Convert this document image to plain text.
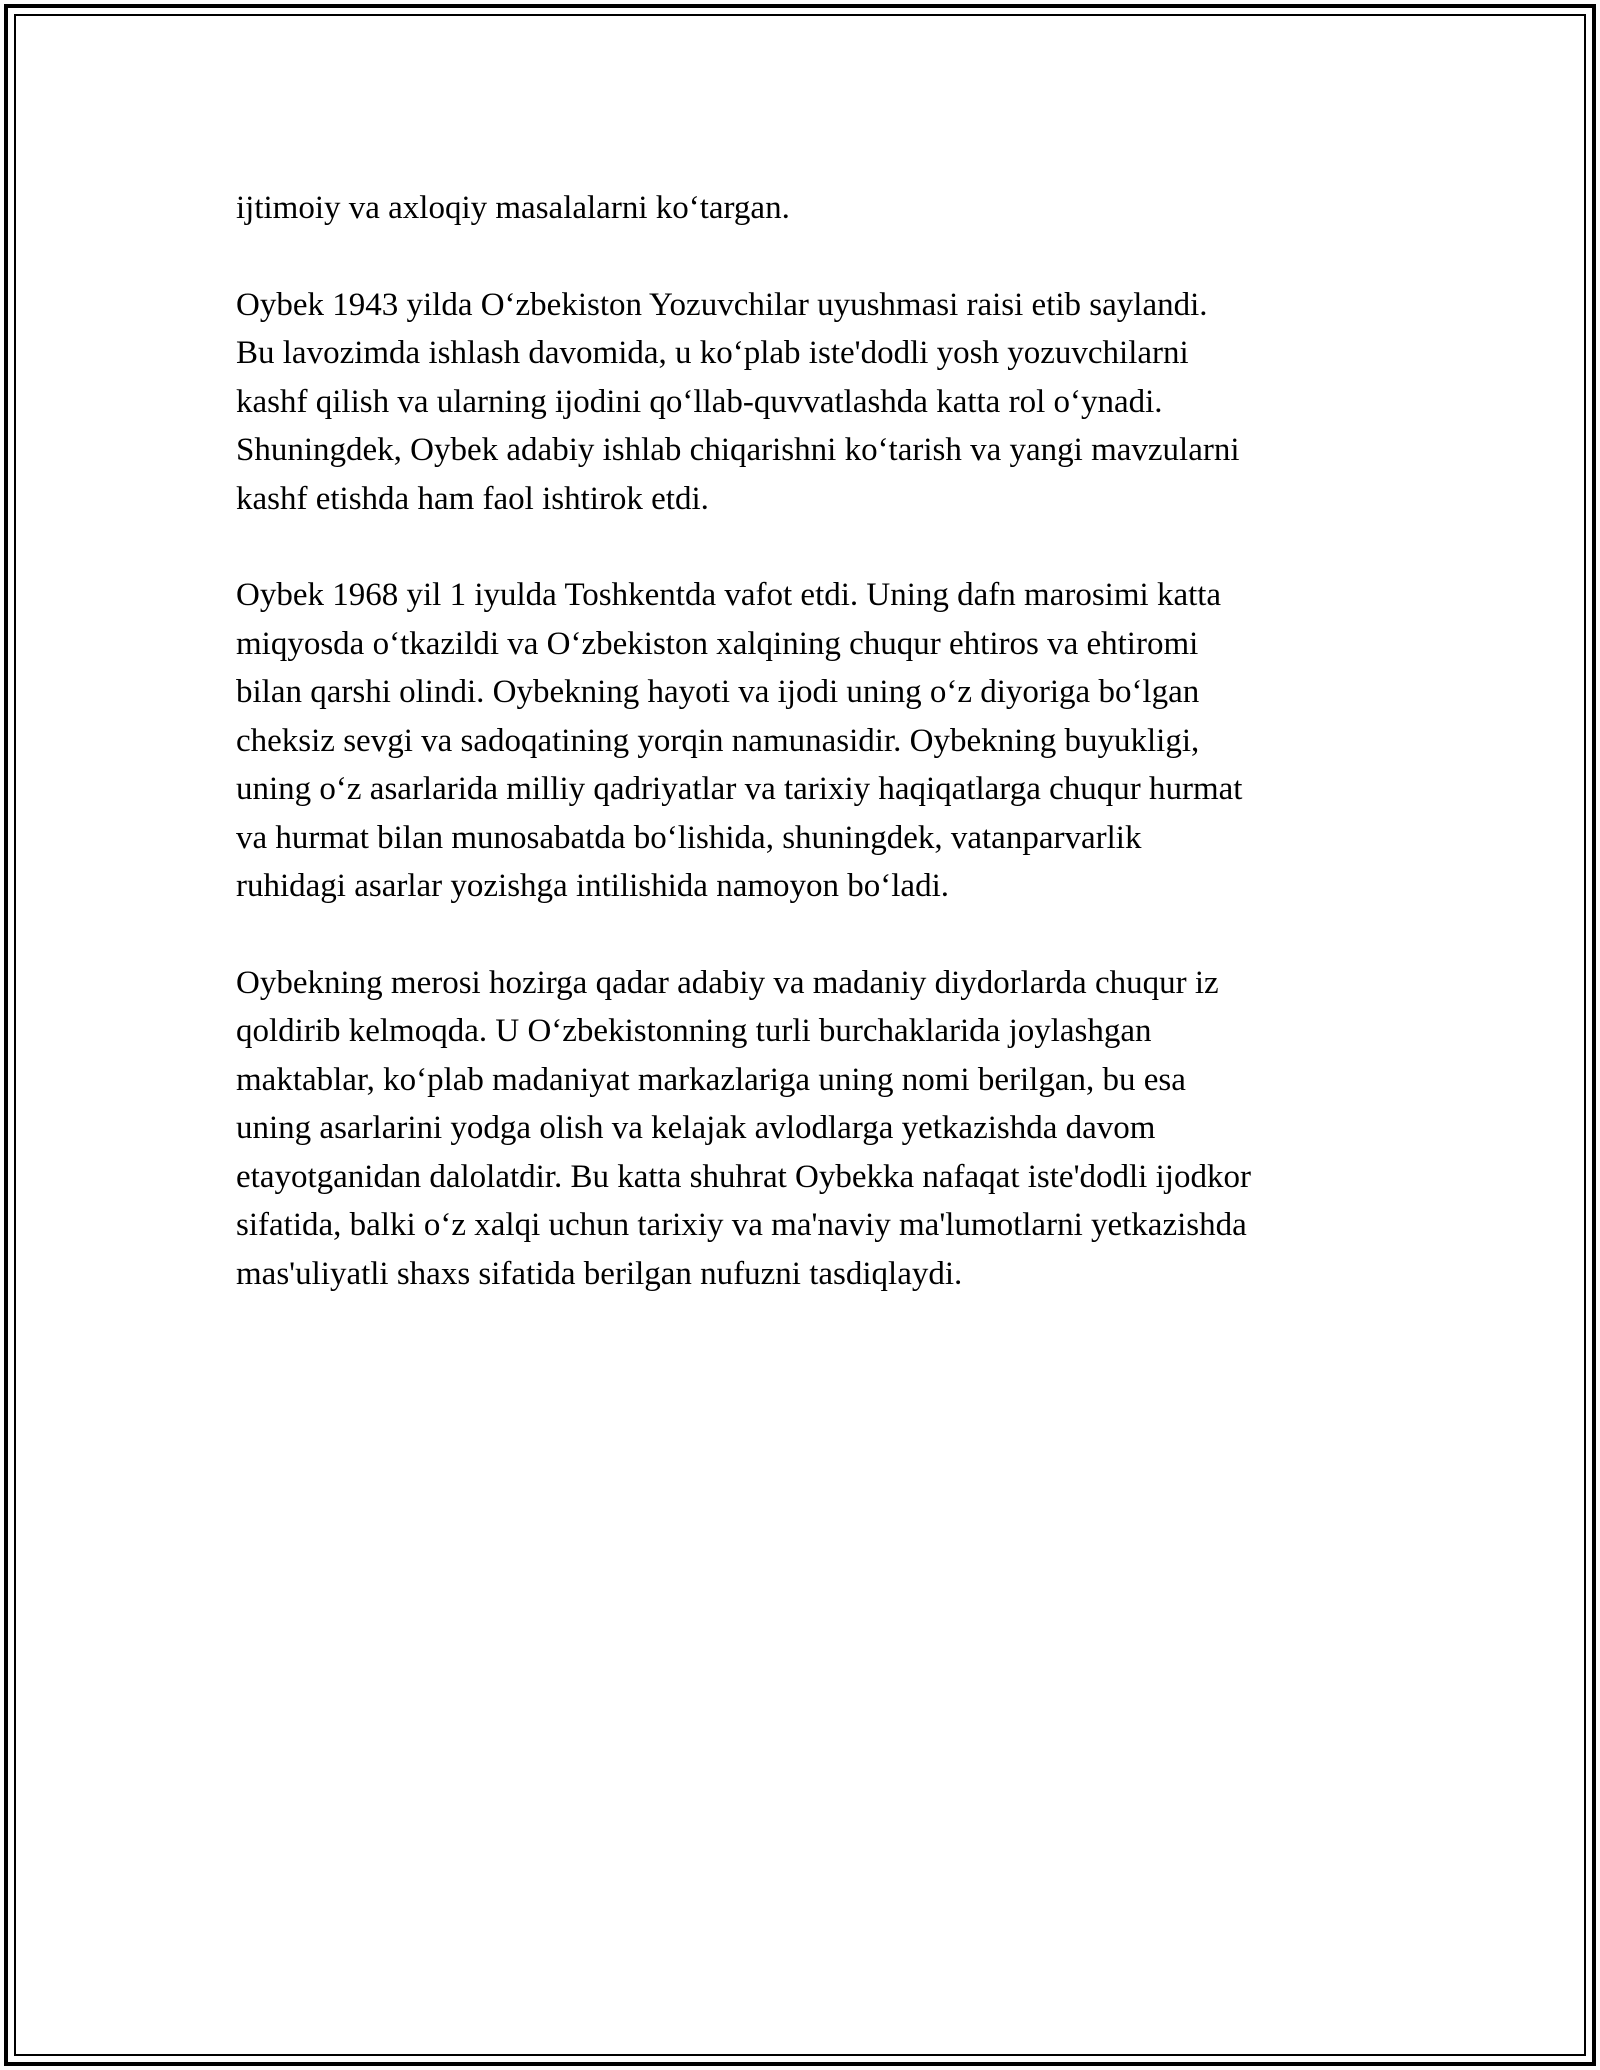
ijtimoiy va axloqiy masalalarni ko‘targan.

Oybek 1943 yilda O‘zbekiston Yozuvchilar uyushmasi raisi etib saylandi.
Bu lavozimda ishlash davomida, u ko‘plab iste'dodli yosh yozuvchilarni
kashf qilish va ularning ijodini qo‘llab-quvvatlashda katta rol o‘ynadi.
Shuningdek, Oybek adabiy ishlab chiqarishni ko‘tarish va yangi mavzularni
kashf etishda ham faol ishtirok etdi.

Oybek 1968 yil 1 iyulda Toshkentda vafot etdi. Uning dafn marosimi katta
miqyosda o‘tkazildi va O‘zbekiston xalqining chuqur ehtiros va ehtiromi
bilan qarshi olindi. Oybekning hayoti va ijodi uning o‘z diyoriga bo‘lgan
cheksiz sevgi va sadoqatining yorqin namunasidir. Oybekning buyukligi,
uning o‘z asarlarida milliy qadriyatlar va tarixiy haqiqatlarga chuqur hurmat
va hurmat bilan munosabatda bo‘lishida, shuningdek, vatanparvarlik
ruhidagi asarlar yozishga intilishida namoyon bo‘ladi.

Oybekning merosi hozirga qadar adabiy va madaniy diydorlarda chuqur iz
qoldirib kelmoqda. U O‘zbekistonning turli burchaklarida joylashgan
maktablar, ko‘plab madaniyat markazlariga uning nomi berilgan, bu esa
uning asarlarini yodga olish va kelajak avlodlarga yetkazishda davom
etayotganidan dalolatdir. Bu katta shuhrat Oybekka nafaqat iste'dodli ijodkor
sifatida, balki o‘z xalqi uchun tarixiy va ma'naviy ma'lumotlarni yetkazishda
mas'uliyatli shaxs sifatida berilgan nufuzni tasdiqlaydi.
